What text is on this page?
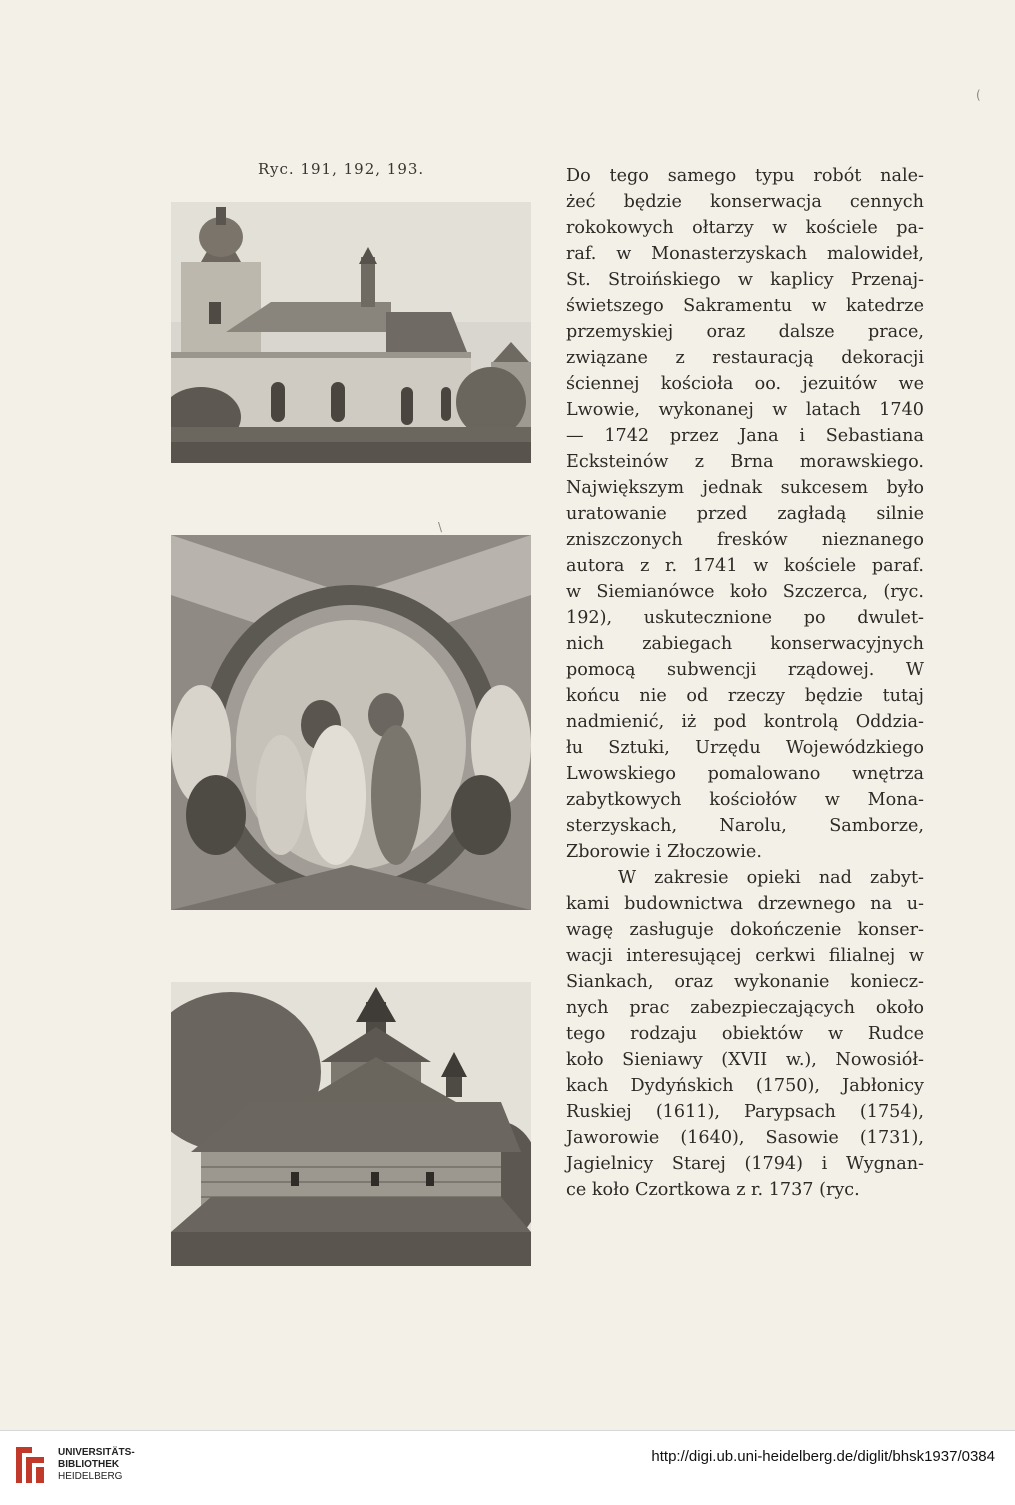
Ryc. 191, 192, 193.	Do tego samego typu robót nale-
żeć będzie konserwacja cennych
rokokowych ołtarzy w kościele pa-
raf. w Monasterzyskach malowideł,
St. Stroińskiego w kaplicy Przenaj-
świetszego Sakramentu w katedrze
przemyskiej oraz dalsze prace,
związane z restauracją dekoracji
ściennej kościoła oo. jezuitów we
Lwowie, wykonanej w latach 1740
— 1742 przez Jana i Sebastiana
Ecksteinów z Brna morawskiego.
Największym jednak sukcesem było
uratowanie przed zagładą silnie
zniszczonych fresków nieznanego
autora z r. 1741 w kościele paraf.
w Siemianówce koło Szczerca, (ryc.
192), uskutecznione po dwulet-
nich zabiegach konserwacyjnych
pomocą subwencji rządowej. W
końcu nie od rzeczy będzie tutaj
nadmienić, iż pod kontrolą Oddzia-
łu Sztuki, Urzędu Wojewódzkiego
Lwowskiego pomalowano wnętrza
zabytkowych kościołów w Mona-
sterzyskach, Narolu, Samborze,
Zborowie i Złoczowie.
W zakresie opieki nad zabyt-
kami budownictwa drzewnego na u-
wagę zasługuje dokończenie konser-
wacji interesującej cerkwi filialnej w
Siankach, oraz wykonanie koniecz-
nych prac zabezpieczających około
tego rodzaju obiektów w Rudce
koło Sieniawy (XVII w.), Nowosiół-
kach Dydyńskich (1750), Jabłonicy
Ruskiej (1611), Parypsach (1754),
Jaworowie (1640), Sasowie (1731),
Jagielnicy Starej (1794) i Wygnan-
ce koło Czortkowa z r. 1737 (ryc.
(
\
UNIVERSITÄTS-
BIBLIOTHEK
HEIDELBERG
http://digi.ub.uni-heidelberg.de/diglit/bhsk1937/0384
